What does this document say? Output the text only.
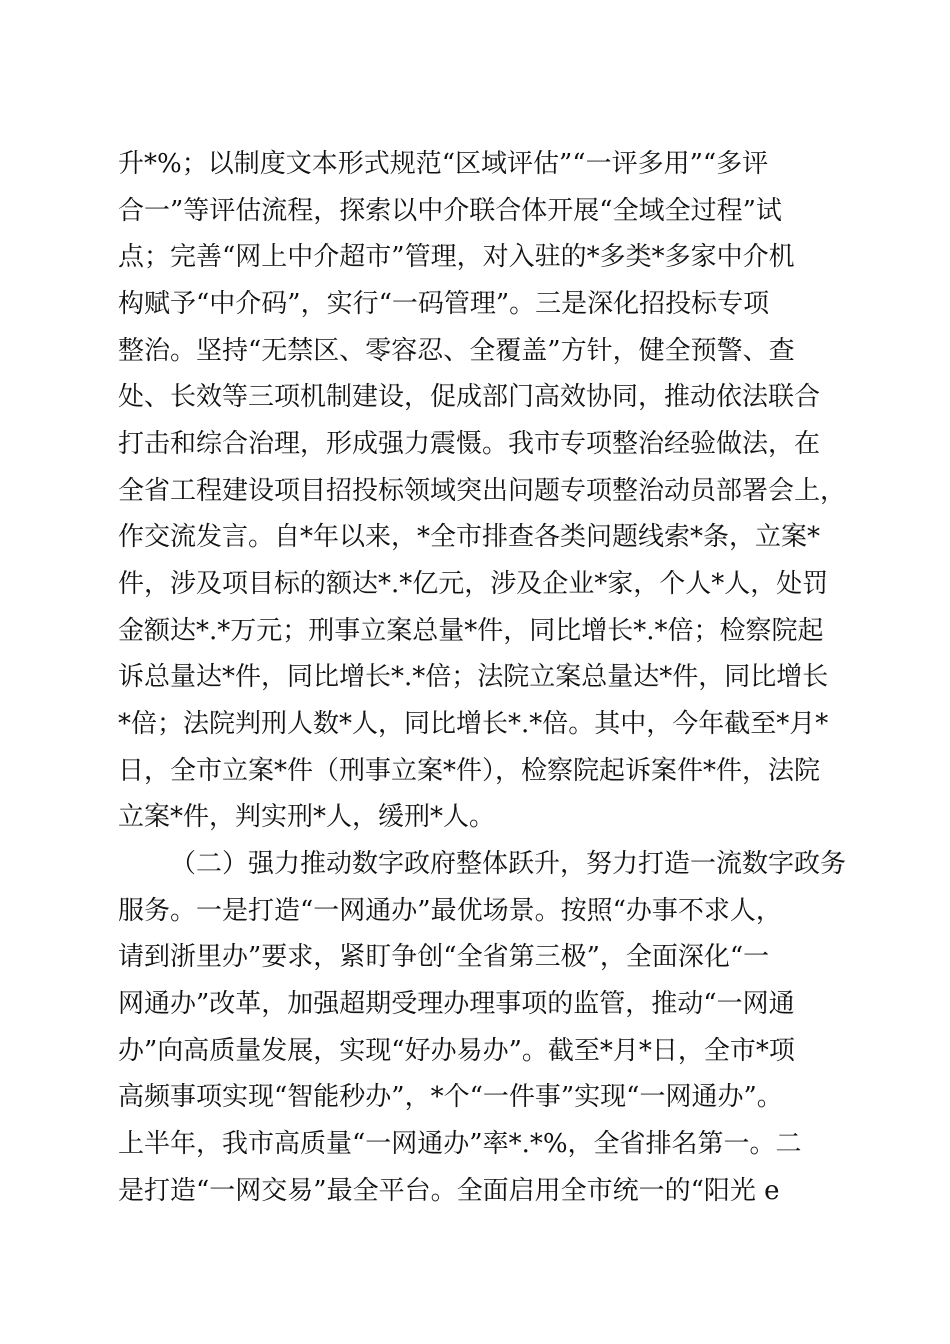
升*%；以制度文本形式规范“区域评估”“一评多用”“多评
合一”等评估流程，探索以中介联合体开展“全域全过程”试
点；完善“网上中介超市”管理，对入驻的*多类*多家中介机
构赋予“中介码”，实行“一码管理”。三是深化招投标专项
整治。坚持“无禁区、零容忍、全覆盖”方针，健全预警、查
处、长效等三项机制建设，促成部门高效协同，推动依法联合
打击和综合治理，形成强力震慑。我市专项整治经验做法，在
全省工程建设项目招投标领域突出问题专项整治动员部署会上，
作交流发言。自*年以来，*全市排查各类问题线索*条，立案*
件，涉及项目标的额达*.*亿元，涉及企业*家，个人*人，处罚
金额达*.*万元；刑事立案总量*件，同比增长*.*倍；检察院起
诉总量达*件，同比增长*.*倍；法院立案总量达*件，同比增长
*倍；法院判刑人数*人，同比增长*.*倍。其中，今年截至*月*
日，全市立案*件（刑事立案*件），检察院起诉案件*件，法院
立案*件，判实刑*人，缓刑*人。
（二）强力推动数字政府整体跃升，努力打造一流数字政务
服务。一是打造“一网通办”最优场景。按照“办事不求人，
请到浙里办”要求，紧盯争创“全省第三极”，全面深化“一
网通办”改革，加强超期受理办理事项的监管，推动“一网通
办”向高质量发展，实现“好办易办”。截至*月*日，全市*项
高频事项实现“智能秒办”，*个“一件事”实现“一网通办”。
上半年，我市高质量“一网通办”率*.*%，全省排名第一。二
是打造“一网交易”最全平台。全面启用全市统一的“阳光 e
